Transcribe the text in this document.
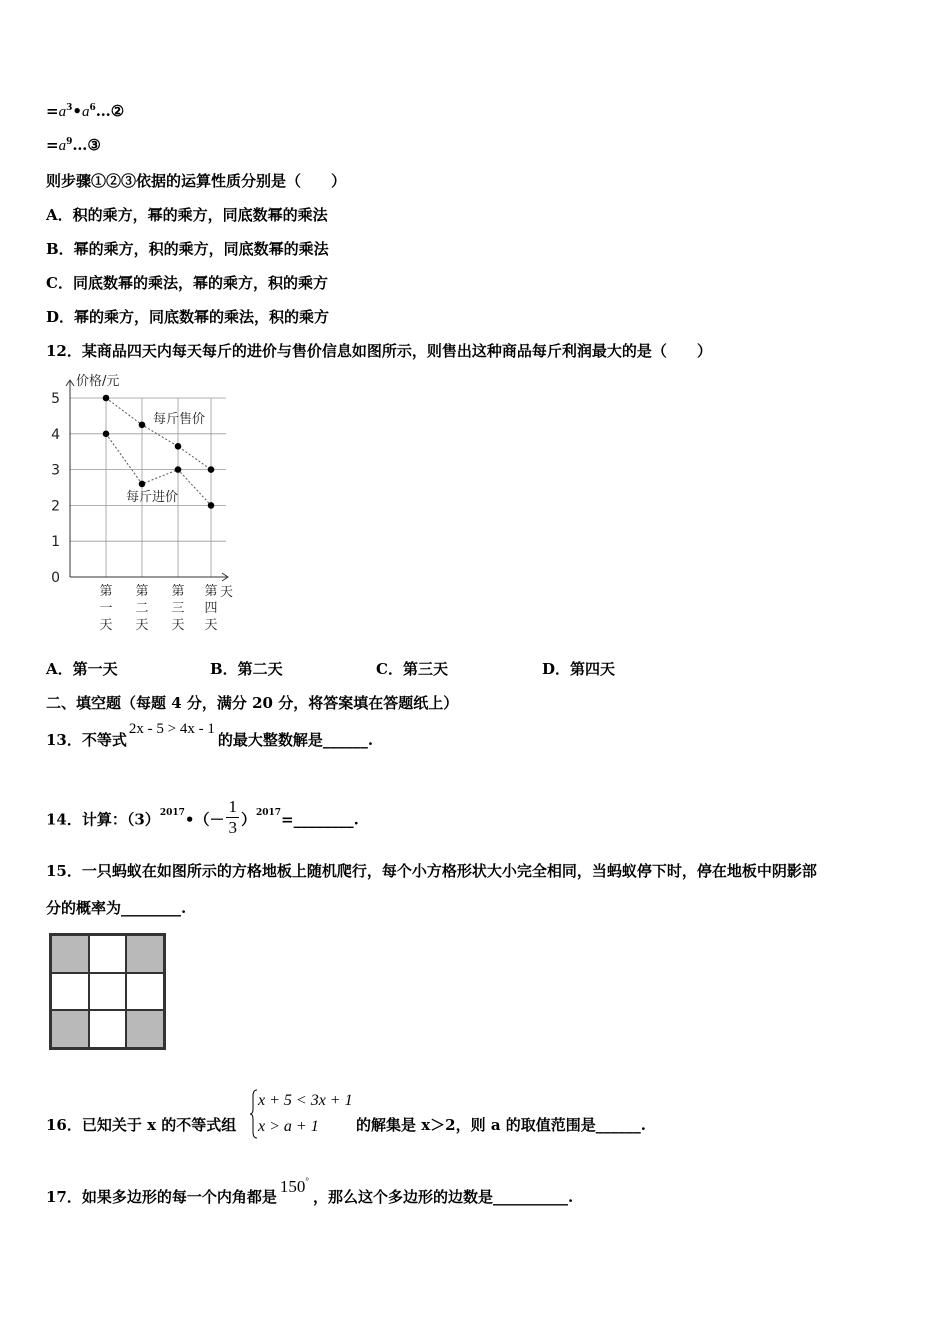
$=a^3•a^6\dots ②$
$=a^9\dots ③$
则步骤①②③依据的运算性质分别是（　　）
A．积的乘方，幂的乘方，同底数幂的乘法
B．幂的乘方，积的乘方，同底数幂的乘法
C．同底数幂的乘法，幂的乘方，积的乘方
D．幂的乘方，同底数幂的乘法，积的乘方
12．某商品四天内每天每斤的进价与售价信息如图所示，则售出这种商品每斤利润最大的是（　　）
0
1
2
3
4
5
价格/元
天
第
一
天
第
二
天
第
三
天
第
四
天
每斤售价
每斤进价
A．第一天	B．第二天	C．第三天	D．第四天
二、填空题（每题 4 分，满分 20 分，将答案填在答题纸上）
13．不等式2x - 5 > 4x - 1的最大整数解是______.
14．计算：$(3)^{2017}•(- \frac{1}{3}$ ）$^{2017}$=________.
15．一只蚂蚁在如图所示的方格地板上随机爬行，每个小方格形状大小完全相同，当蚂蚁停下时，停在地板中阴影部
分的概率为________.
16．已知关于 x 的不等式组
x + 5 < 3x + 1
x > a + 1	的解集是 x＞2，则 a 的取值范围是______.
17．如果多边形的每一个内角都是150°，那么这个多边形的边数是__________.
